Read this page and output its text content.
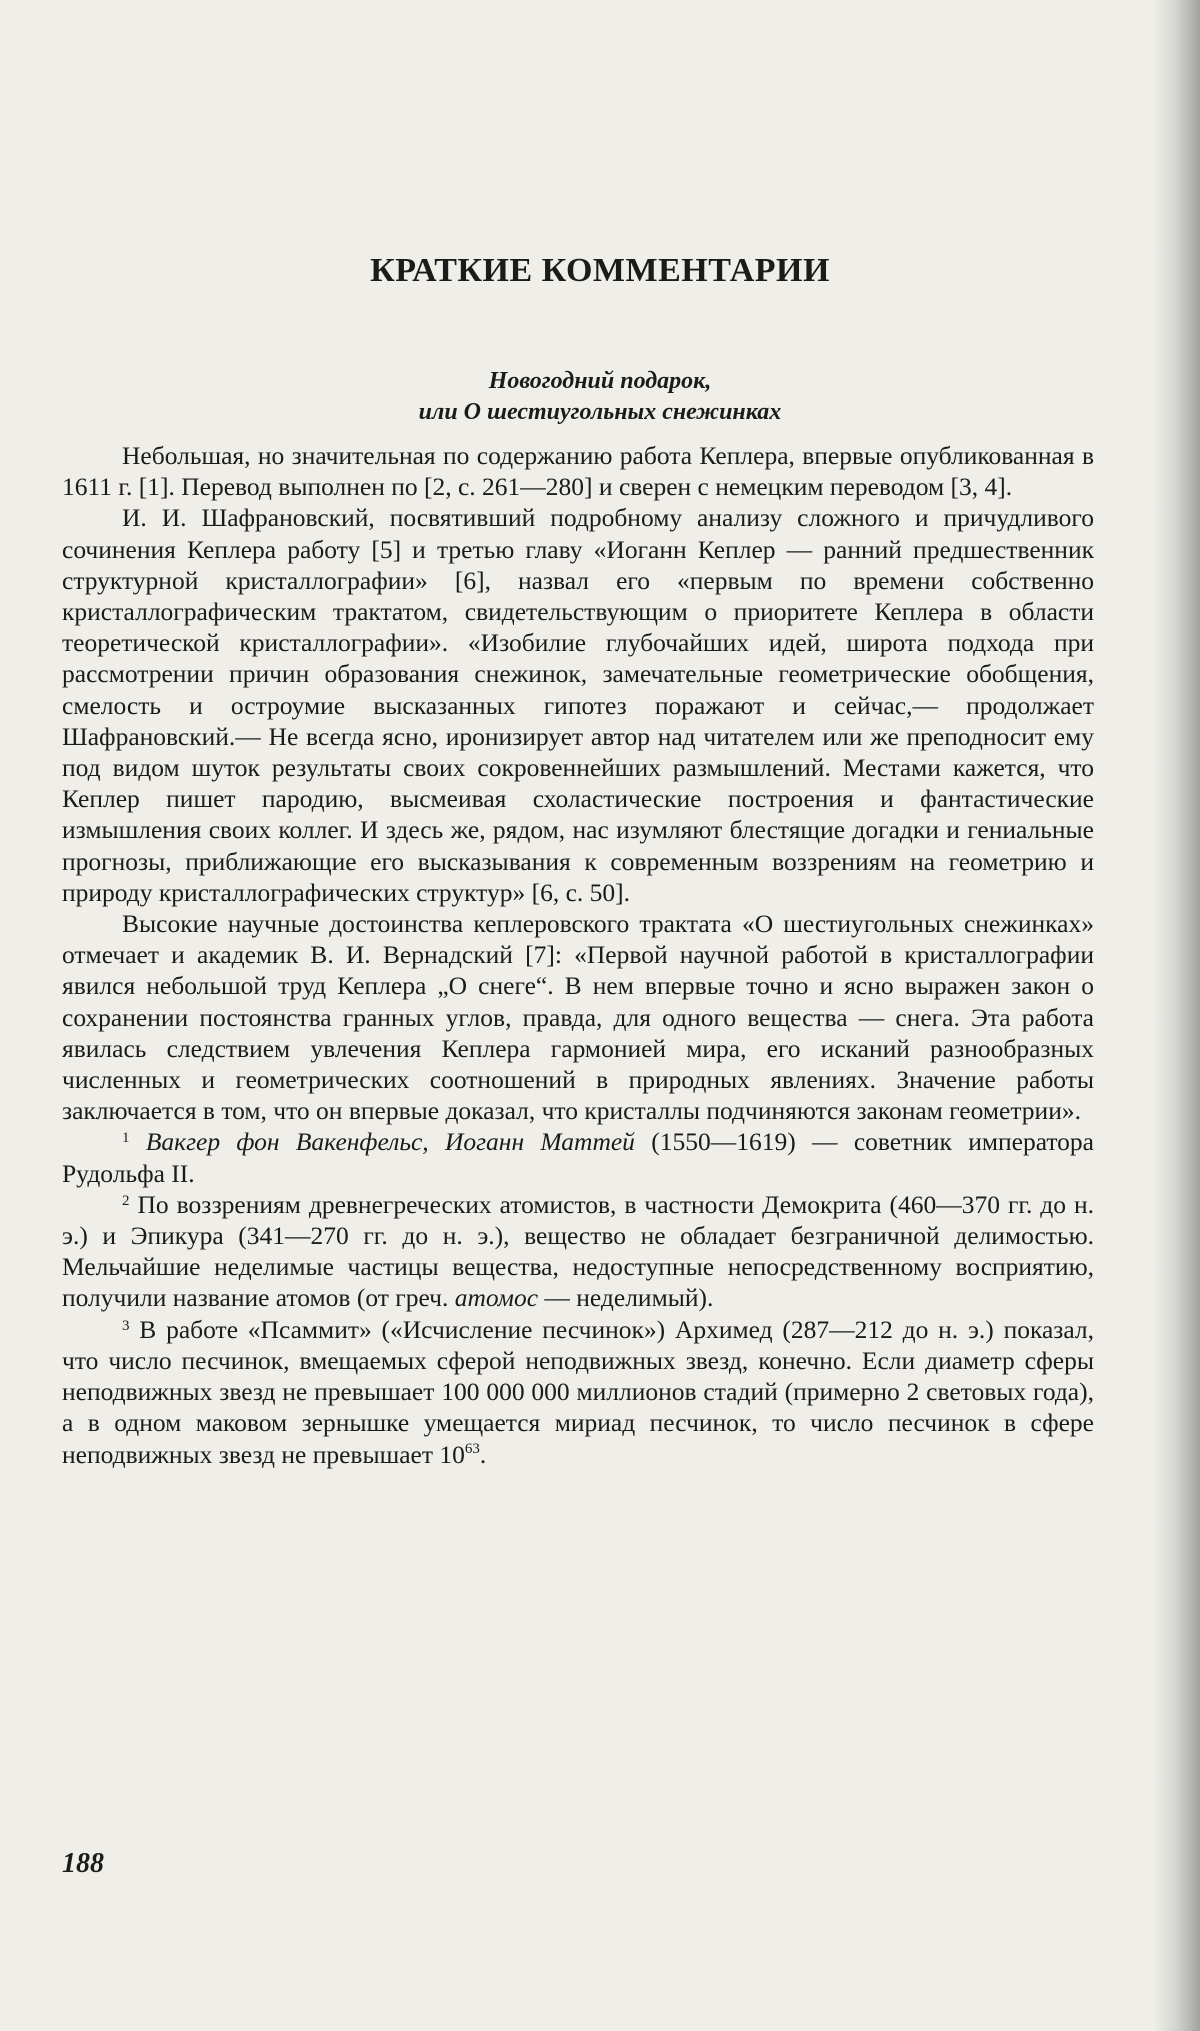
КРАТКИЕ КОММЕНТАРИИ
Новогодний подарок,
или О шестиугольных снежинках

Небольшая, но значительная по содержанию работа Кеплера, впервые опубликованная в 1611 г. [1]. Перевод выполнен по [2, с. 261—280] и сверен с немецким переводом [3, 4].

И. И. Шафрановский, посвятивший подробному анализу сложного и причудливого сочинения Кеплера работу [5] и третью главу «Иоганн Кеплер — ранний предшественник структурной кристаллографии» [6], назвал его «первым по времени собственно кристаллографическим трактатом, свидетельствующим о приоритете Кеплера в области теоретической кристаллографии». «Изобилие глубочайших идей, широта подхода при рассмотрении причин образования снежинок, замечательные геометрические обобщения, смелость и остроумие высказанных гипотез поражают и сейчас,— продолжает Шафрановский.— Не всегда ясно, иронизирует автор над читателем или же преподносит ему под видом шуток результаты своих сокровеннейших размышлений. Местами кажется, что Кеплер пишет пародию, высмеивая схоластические построения и фантастические измышления своих коллег. И здесь же, рядом, нас изумляют блестящие догадки и гениальные прогнозы, приближающие его высказывания к современным воззрениям на геометрию и природу кристаллографических структур» [6, с. 50].

Высокие научные достоинства кеплеровского трактата «О шестиугольных снежинках» отмечает и академик В. И. Вернадский [7]: «Первой научной работой в кристаллографии явился небольшой труд Кеплера „О снеге“. В нем впервые точно и ясно выражен закон о сохранении постоянства гранных углов, правда, для одного вещества — снега. Эта работа явилась следствием увлечения Кеплера гармонией мира, его исканий разнообразных численных и геометрических соотношений в природных явлениях. Значение работы заключается в том, что он впервые доказал, что кристаллы подчиняются законам геометрии».

$^1$ Вакгер фон Вакенфельс, Иоганн Маттей (1550—1619) — советник императора Рудольфа II.

$^2$ По воззрениям древнегреческих атомистов, в частности Демокрита (460—370 гг. до н. э.) и Эпикура (341—270 гг. до н. э.), вещество не обладает безграничной делимостью. Мельчайшие неделимые частицы вещества, недоступные непосредственному восприятию, получили название атомов (от греч. атомос — неделимый).

$^3$ В работе «Псаммит» («Исчисление песчинок») Архимед (287—212 до н. э.) показал, что число песчинок, вмещаемых сферой неподвижных звезд, конечно. Если диаметр сферы неподвижных звезд не превышает 100 000 000 миллионов стадий (примерно 2 световых года), а в одном маковом зернышке умещается мириад песчинок, то число песчинок в сфере неподвижных звезд не превышает $10^{63}$.

188
